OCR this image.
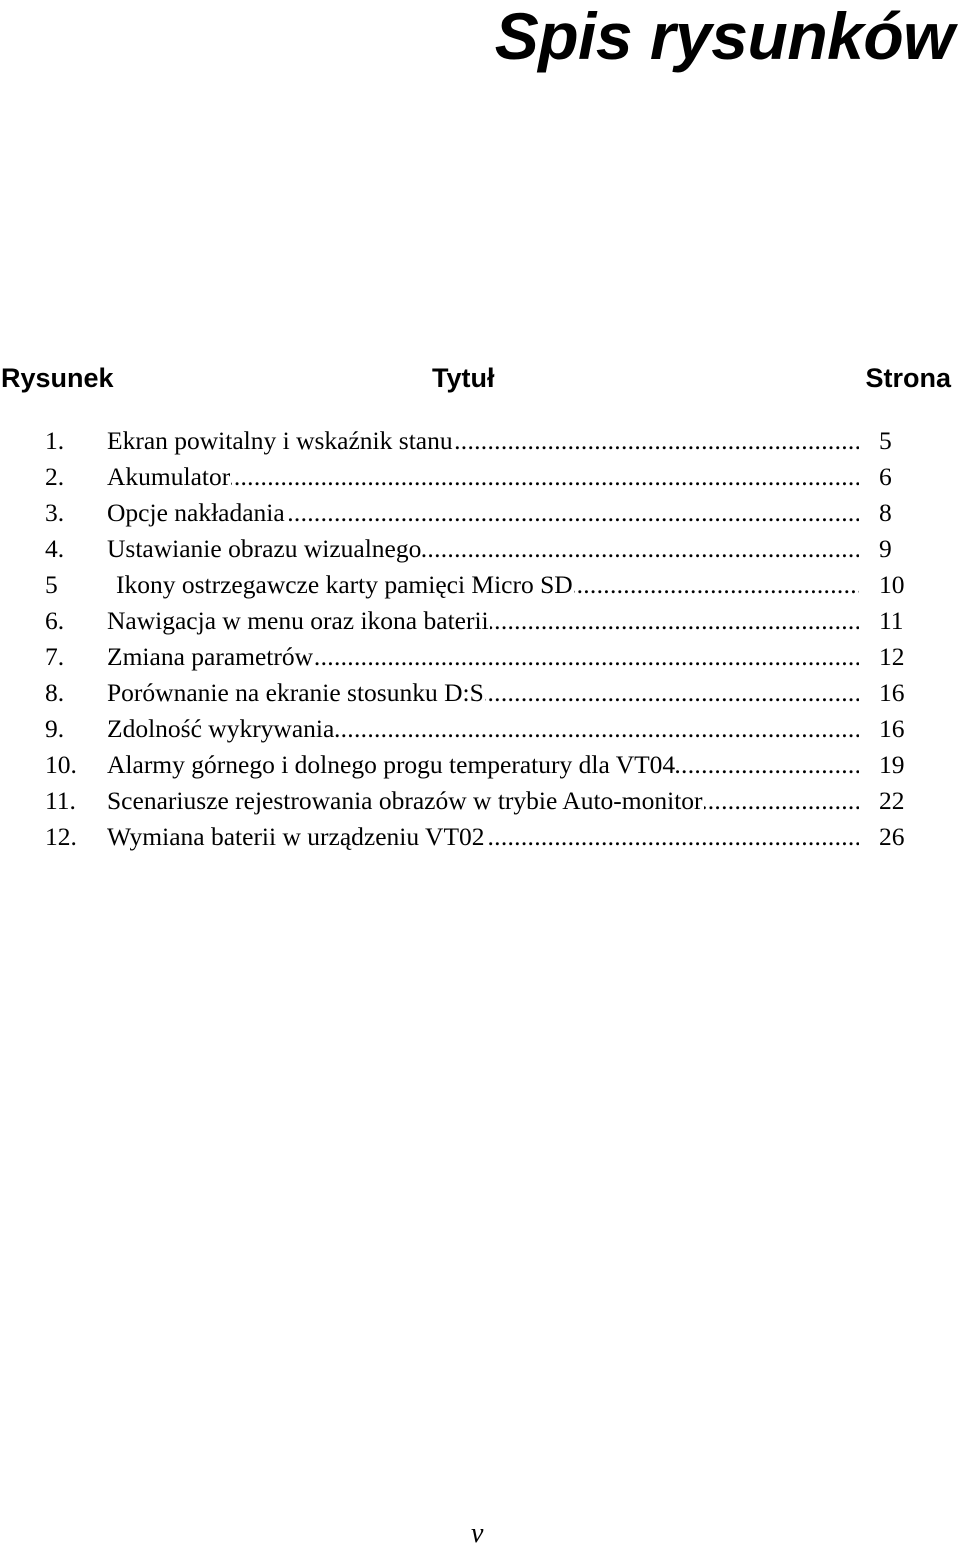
Spis rysunków
Rysunek	Tytuł	Strona
1. Ekran powitalny i wskaźnik stanu .....	5
2. Akumulator .....	6
3. Opcje nakładania .....	8
4. Ustawianie obrazu wizualnego .....	9
5 Ikony ostrzegawcze karty pamięci Micro SD .....	10
6. Nawigacja w menu oraz ikona baterii .....	11
7. Zmiana parametrów .....	12
8. Porównanie na ekranie stosunku D:S .....	16
9. Zdolność wykrywania .....	16
10. Alarmy górnego i dolnego progu temperatury dla VT04 .....	19
11. Scenariusze rejestrowania obrazów w trybie Auto-monitor .....	22
12. Wymiana baterii w urządzeniu VT02 .....	26
v
